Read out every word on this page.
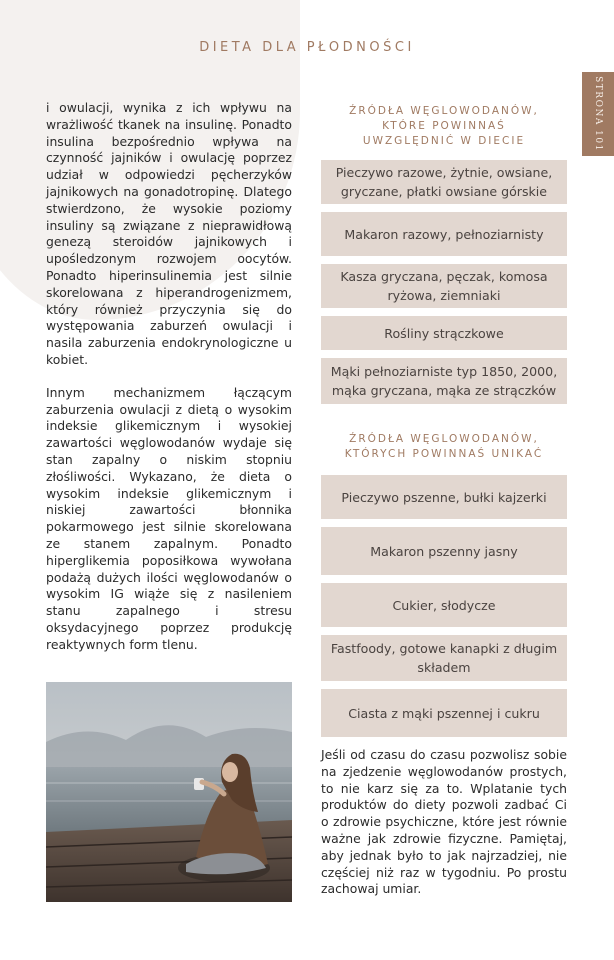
DIETA DLA PŁODNOŚCI
STRONA 101

i owulacji, wynika z ich wpływu na wrażliwość tkanek na insulinę. Ponadto insulina bezpośrednio wpływa na czynność jajników i owulację poprzez udział w odpowiedzi pęcherzyków jajnikowych na gonadotropinę. Dlatego stwierdzono, że wysokie poziomy insuliny są związane z nieprawidłową genezą steroidów jajnikowych i upośledzonym rozwojem oocytów. Ponadto hiperinsulinemia jest silnie skorelowana z hiperandrogenizmem, który również przyczynia się do występowania zaburzeń owulacji i nasila zaburzenia endokrynologiczne u kobiet.

Innym mechanizmem łączącym zaburzenia owulacji z dietą o wysokim indeksie glikemicznym i wysokiej zawartości węglowodanów wydaje się stan zapalny o niskim stopniu złośliwości. Wykazano, że dieta o wysokim indeksie glikemicznym i niskiej zawartości błonnika pokarmowego jest silnie skorelowana ze stanem zapalnym. Ponadto hiperglikemia poposiłkowa wywołana podażą dużych ilości węglowodanów o wysokim IG wiąże się z nasileniem stanu zapalnego i stresu oksydacyjnego poprzez produkcję reaktywnych form tlenu.

ŹRÓDŁA WĘGLOWODANÓW,
KTÓRE POWINNAŚ
UWZGLĘDNIĆ W DIECIE

Pieczywo razowe, żytnie, owsiane, gryczane, płatki owsiane górskie
Makaron razowy, pełnoziarnisty
Kasza gryczana, pęczak, komosa ryżowa, ziemniaki
Rośliny strączkowe
Mąki pełnoziarniste typ 1850, 2000, mąka gryczana, mąka ze strączków

ŹRÓDŁA WĘGLOWODANÓW,
KTÓRYCH POWINNAŚ UNIKAĆ

Pieczywo pszenne, bułki kajzerki
Makaron pszenny jasny
Cukier, słodycze
Fastfoody, gotowe kanapki z długim składem
Ciasta z mąki pszennej i cukru

Jeśli od czasu do czasu pozwolisz sobie na zjedzenie węglowodanów prostych, to nie karz się za to. Wplatanie tych produktów do diety pozwoli zadbać Ci o zdrowie psychiczne, które jest równie ważne jak zdrowie fizyczne. Pamiętaj, aby jednak było to jak najrzadziej, nie częściej niż raz w tygodniu. Po prostu zachowaj umiar.
